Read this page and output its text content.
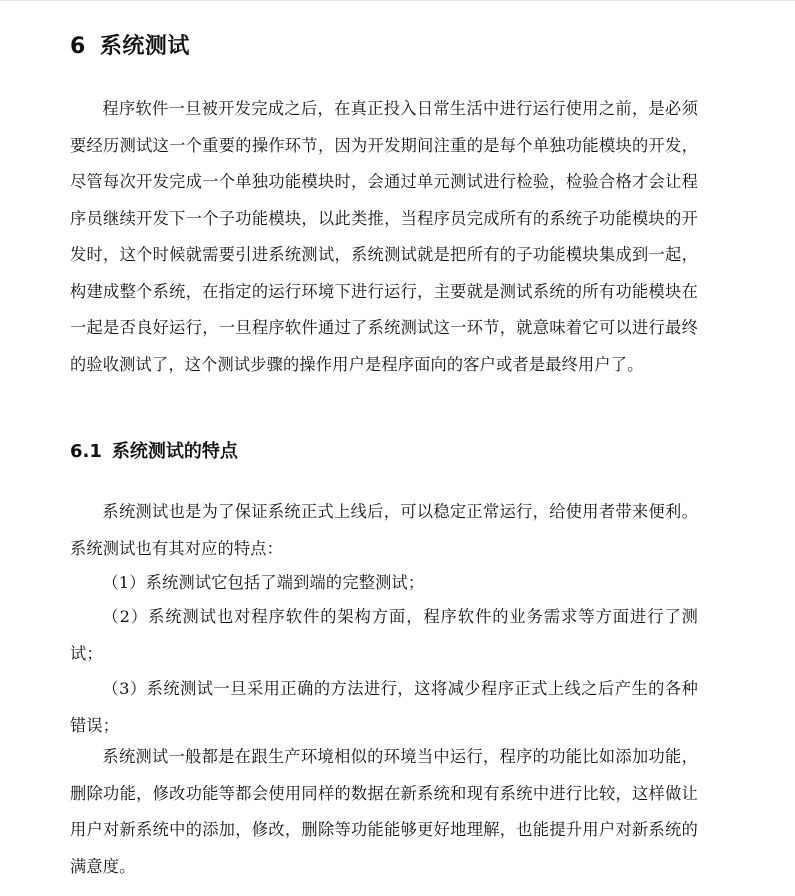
6 系统测试

程序软件一旦被开发完成之后，在真正投入日常生活中进行运行使用之前，是必须要经历测试这一个重要的操作环节，因为开发期间注重的是每个单独功能模块的开发，尽管每次开发完成一个单独功能模块时，会通过单元测试进行检验，检验合格才会让程序员继续开发下一个子功能模块，以此类推，当程序员完成所有的系统子功能模块的开发时，这个时候就需要引进系统测试，系统测试就是把所有的子功能模块集成到一起，构建成整个系统，在指定的运行环境下进行运行，主要就是测试系统的所有功能模块在一起是否良好运行，一旦程序软件通过了系统测试这一环节，就意味着它可以进行最终的验收测试了，这个测试步骤的操作用户是程序面向的客户或者是最终用户了。

6.1 系统测试的特点

系统测试也是为了保证系统正式上线后，可以稳定正常运行，给使用者带来便利。系统测试也有其对应的特点：

（1）系统测试它包括了端到端的完整测试；

（2）系统测试也对程序软件的架构方面，程序软件的业务需求等方面进行了测试；

（3）系统测试一旦采用正确的方法进行，这将减少程序正式上线之后产生的各种错误；

系统测试一般都是在跟生产环境相似的环境当中运行，程序的功能比如添加功能，删除功能，修改功能等都会使用同样的数据在新系统和现有系统中进行比较，这样做让用户对新系统中的添加，修改，删除等功能能够更好地理解，也能提升用户对新系统的满意度。
